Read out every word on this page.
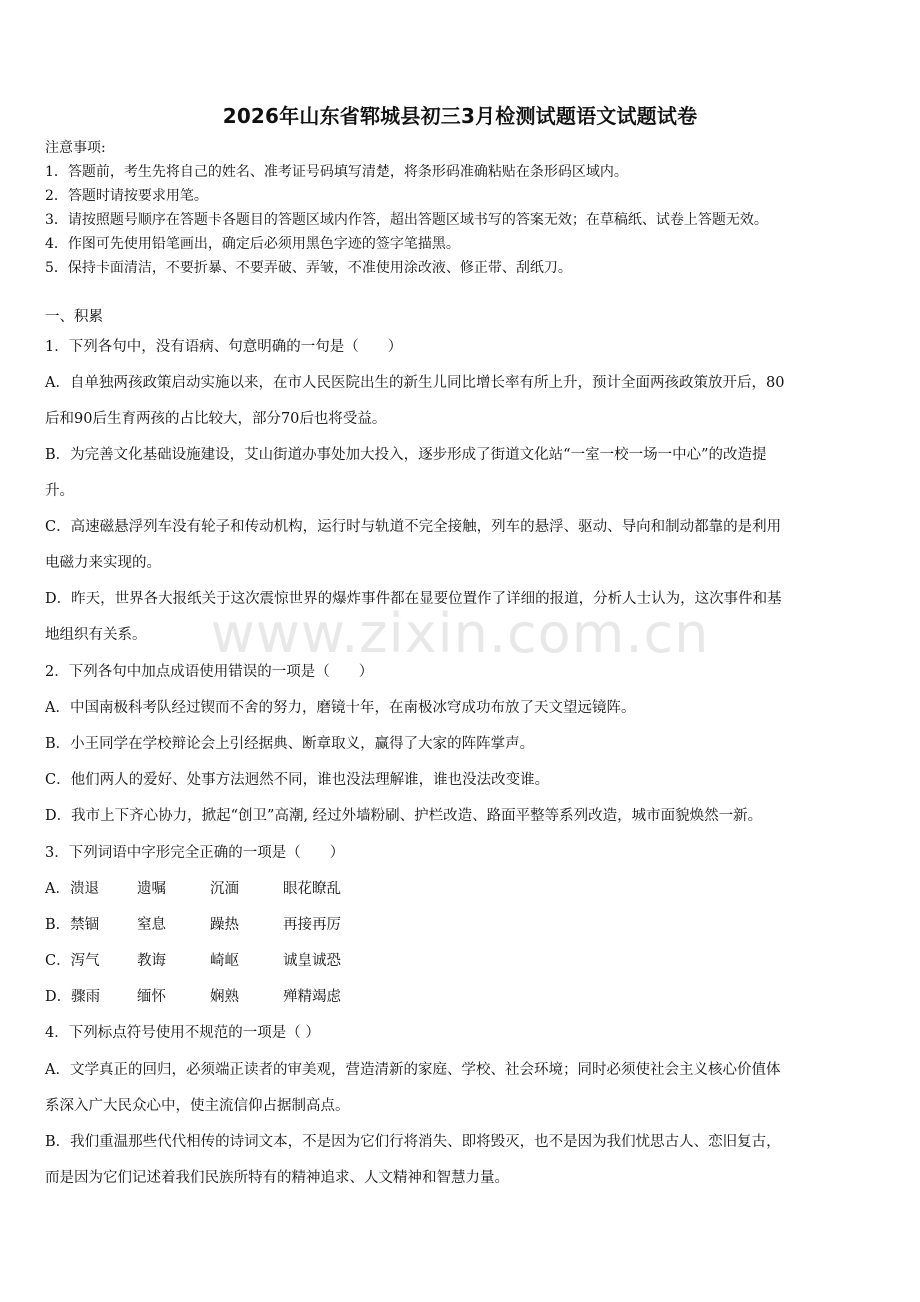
2026年山东省郓城县初三3月检测试题语文试题试卷
注意事项:
1．答题前，考生先将自己的姓名、准考证号码填写清楚，将条形码准确粘贴在条形码区域内。
2．答题时请按要求用笔。
3．请按照题号顺序在答题卡各题目的答题区域内作答，超出答题区域书写的答案无效；在草稿纸、试卷上答题无效。
4．作图可先使用铅笔画出，确定后必须用黑色字迹的签字笔描黑。
5．保持卡面清洁，不要折暴、不要弄破、弄皱，不准使用涂改液、修正带、刮纸刀。
一、积累
1．下列各句中，没有语病、句意明确的一句是（　　）
A．自单独两孩政策启动实施以来，在市人民医院出生的新生儿同比增长率有所上升，预计全面两孩政策放开后，80
后和90后生育两孩的占比较大，部分70后也将受益。
B．为完善文化基础设施建设，艾山街道办事处加大投入，逐步形成了街道文化站“一室一校一场一中心”的改造提
升。
C．高速磁悬浮列车没有轮子和传动机构，运行时与轨道不完全接触，列车的悬浮、驱动、导向和制动都靠的是利用
电磁力来实现的。
D．昨天，世界各大报纸关于这次震惊世界的爆炸事件都在显要位置作了详细的报道，分析人士认为，这次事件和基
地组织有关系。	www.zixin.com.cn
2．下列各句中加点成语使用错误的一项是（　　）
A．中国南极科考队经过锲而不舍的努力，磨镜十年，在南极冰穹成功布放了天文望远镜阵。
B．小王同学在学校辩论会上引经据典、断章取义，赢得了大家的阵阵掌声。
C．他们两人的爱好、处事方法迥然不同，谁也没法理解谁，谁也没法改变谁。
D．我市上下齐心协力，掀起“创卫”高潮, 经过外墙粉刷、护栏改造、路面平整等系列改造，城市面貌焕然一新。
3．下列词语中字形完全正确的一项是（　　）
A．溃退	遗嘱	沉湎	眼花瞭乱
B．禁锢	窒息	躁热	再接再厉
C．泻气	教诲	崎岖	诚皇诚恐
D．骤雨	缅怀	娴熟	殚精竭虑
4．下列标点符号使用不规范的一项是（ ）
A．文学真正的回归，必须端正读者的审美观，营造清新的家庭、学校、社会环境；同时必须使社会主义核心价值体
系深入广大民众心中，使主流信仰占据制高点。
B．我们重温那些代代相传的诗词文本，不是因为它们行将消失、即将毁灭，也不是因为我们忧思古人、恋旧复古，
而是因为它们记述着我们民族所特有的精神追求、人文精神和智慧力量。
